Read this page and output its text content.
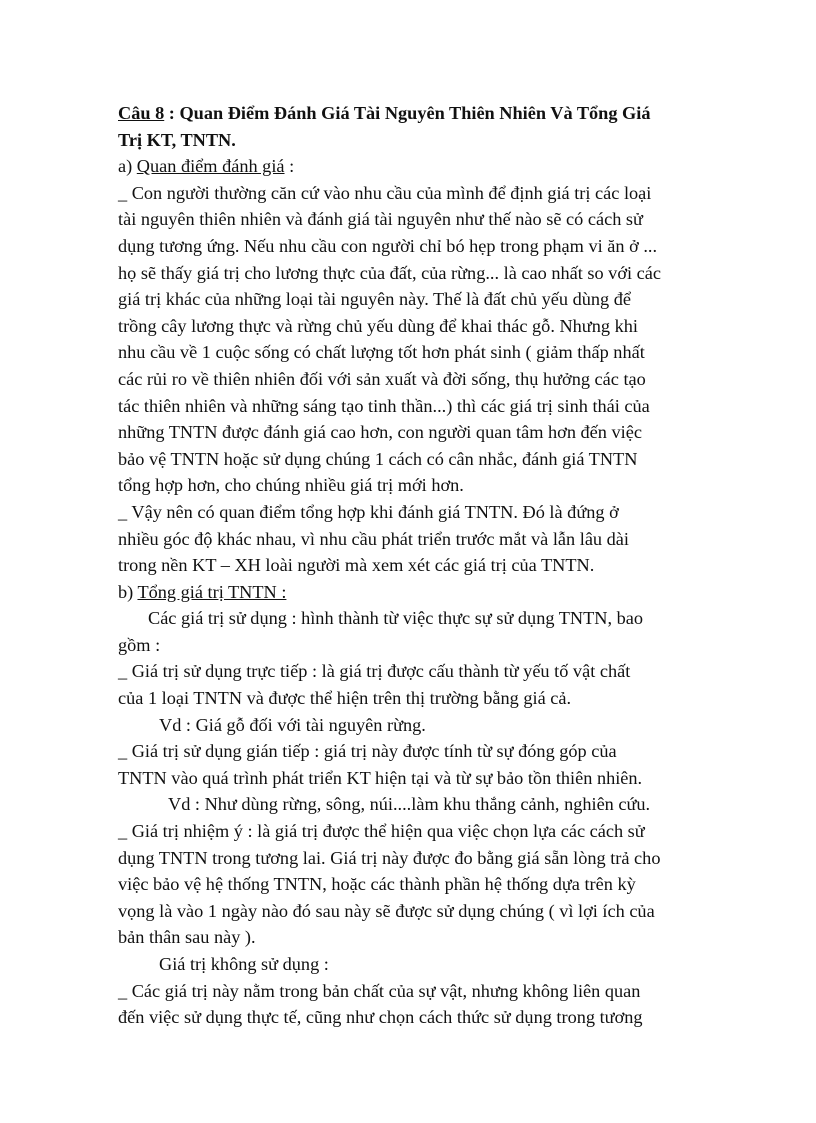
Câu 8 : Quan Điểm Đánh Giá Tài Nguyên Thiên Nhiên Và Tổng Giá
Trị KT, TNTN.
a) Quan điểm đánh giá :
_ Con người thường căn cứ vào nhu cầu của mình để định giá trị các loại
tài nguyên thiên nhiên và đánh giá tài nguyên như thế nào sẽ có cách sử
dụng tương ứng. Nếu nhu cầu con người chỉ bó hẹp trong phạm vi ăn ở ...
họ sẽ thấy giá trị cho lương thực của đất, của rừng... là cao nhất so với các
giá trị khác của những loại tài nguyên này. Thế là đất chủ yếu dùng để
trồng cây lương thực và rừng chủ yếu dùng để khai thác gỗ. Nhưng khi
nhu cầu về 1 cuộc sống có chất lượng tốt hơn phát sinh ( giảm thấp nhất
các rủi ro về thiên nhiên đối với sản xuất và đời sống, thụ hưởng các tạo
tác thiên nhiên và những sáng tạo tinh thần...) thì các giá trị sinh thái của
những TNTN được đánh giá cao hơn, con người quan tâm hơn đến việc
bảo vệ TNTN hoặc sử dụng chúng 1 cách có cân nhắc, đánh giá TNTN
tổng hợp hơn, cho chúng nhiều giá trị mới hơn.
_ Vậy nên có quan điểm tổng hợp khi đánh giá TNTN. Đó là đứng ở
nhiều góc độ khác nhau, vì nhu cầu phát triển trước mắt và lẫn lâu dài
trong nền KT – XH loài người mà xem xét các giá trị của TNTN.
b) Tổng giá trị TNTN :
Các giá trị sử dụng : hình thành từ việc thực sự sử dụng TNTN, bao
gồm :
_ Giá trị sử dụng trực tiếp : là giá trị được cấu thành từ yếu tố vật chất
của 1 loại TNTN và được thể hiện trên thị trường bằng giá cả.
Vd : Giá gỗ đối với tài nguyên rừng.
_ Giá trị sử dụng gián tiếp : giá trị này được tính từ sự đóng góp của
TNTN vào quá trình phát triển KT hiện tại và từ sự bảo tồn thiên nhiên.
Vd : Như dùng rừng, sông, núi....làm khu thắng cảnh, nghiên cứu.
_ Giá trị nhiệm ý : là giá trị được thể hiện qua việc chọn lựa các cách sử
dụng TNTN trong tương lai. Giá trị này được đo bằng giá sẵn lòng trả cho
việc bảo vệ hệ thống TNTN, hoặc các thành phần hệ thống dựa trên kỳ
vọng là vào 1 ngày nào đó sau này sẽ được sử dụng chúng ( vì lợi ích của
bản thân sau này ).
Giá trị không sử dụng :
_ Các giá trị này nằm trong bản chất của sự vật, nhưng không liên quan
đến việc sử dụng thực tế, cũng như chọn cách thức sử dụng trong tương
